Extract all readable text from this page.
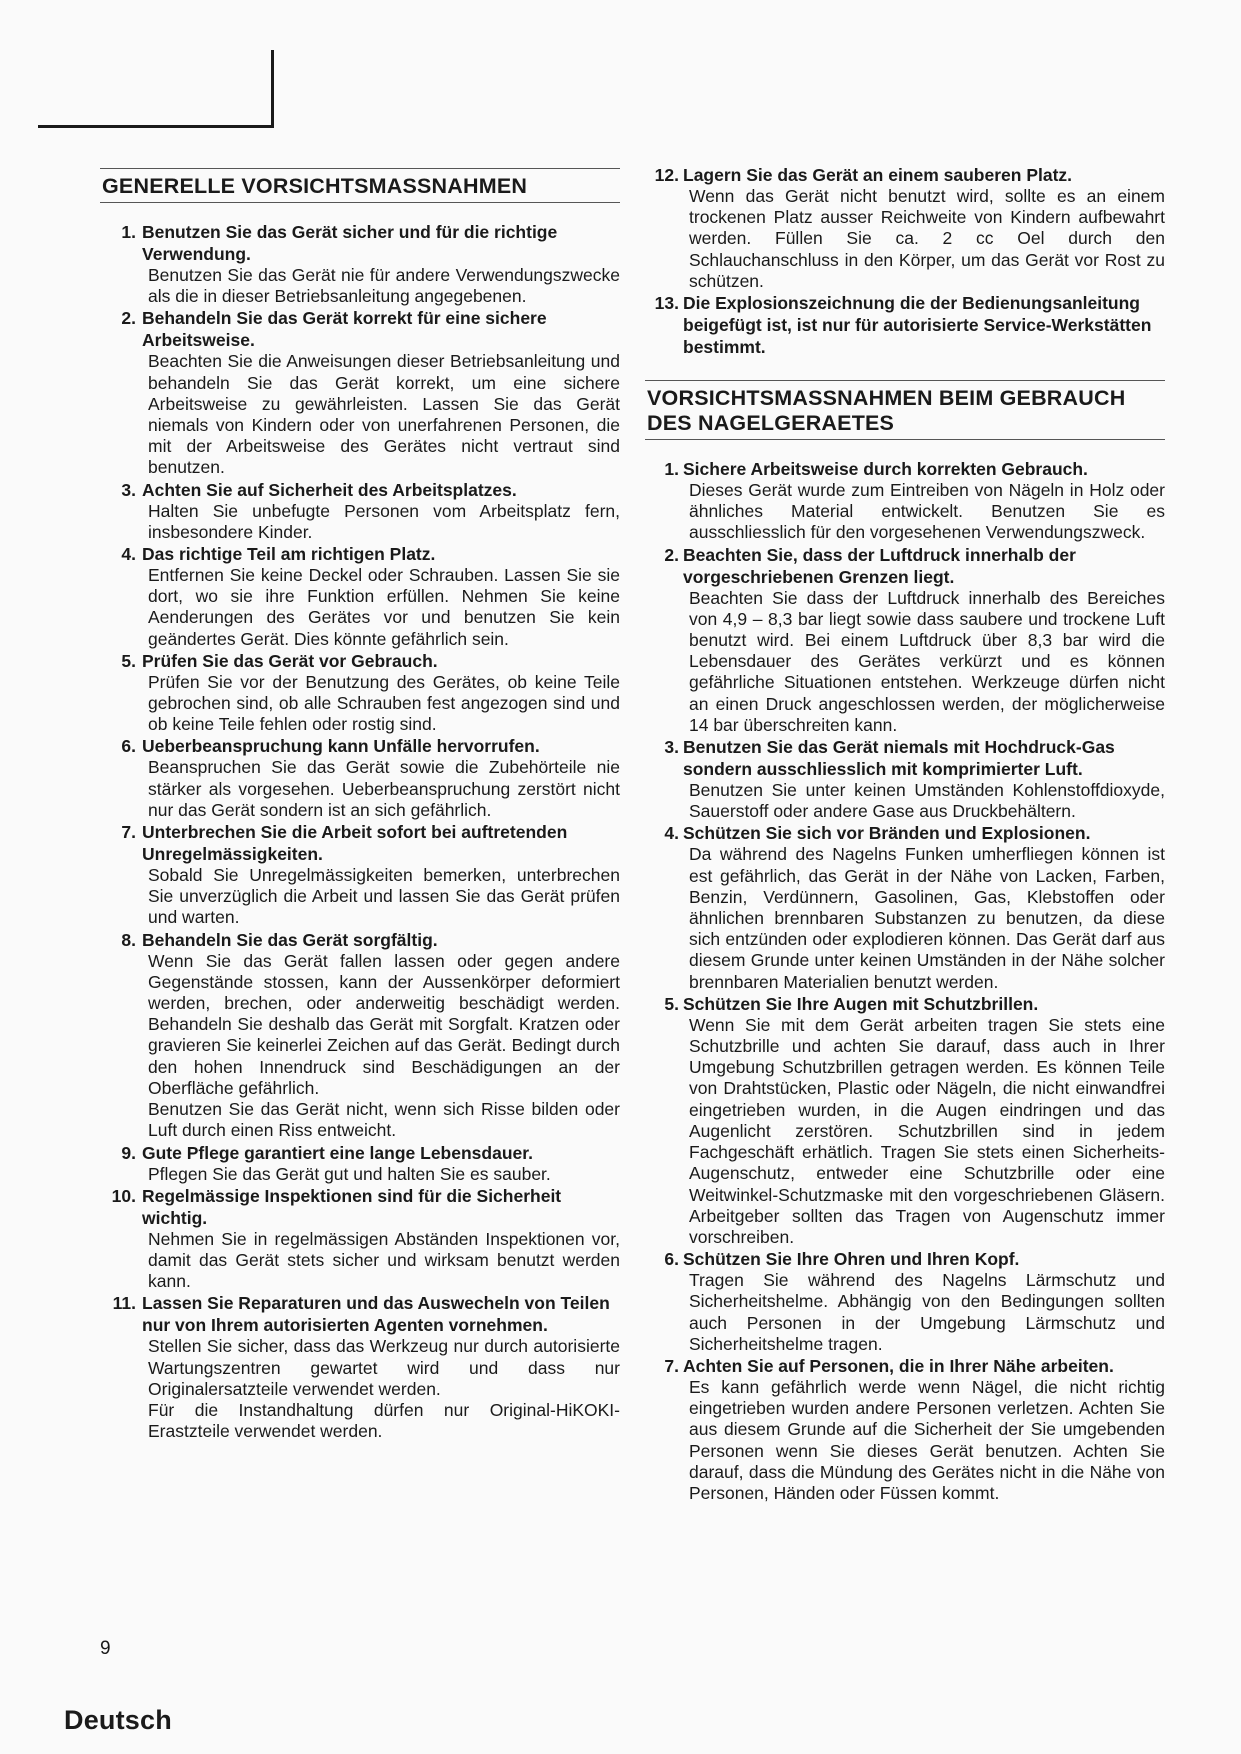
Deutsch
GENERELLE VORSICHTSMASSNAHMEN
1. Benutzen Sie das Gerät sicher und für die richtige Verwendung.
Benutzen Sie das Gerät nie für andere Verwendungszwecke als die in dieser Betriebsanleitung angegebenen.
2. Behandeln Sie das Gerät korrekt für eine sichere Arbeitsweise.
Beachten Sie die Anweisungen dieser Betriebsanleitung und behandeln Sie das Gerät korrekt, um eine sichere Arbeitsweise zu gewährleisten. Lassen Sie das Gerät niemals von Kindern oder von unerfahrenen Personen, die mit der Arbeitsweise des Gerätes nicht vertraut sind benutzen.
3. Achten Sie auf Sicherheit des Arbeitsplatzes.
Halten Sie unbefugte Personen vom Arbeitsplatz fern, insbesondere Kinder.
4. Das richtige Teil am richtigen Platz.
Entfernen Sie keine Deckel oder Schrauben. Lassen Sie sie dort, wo sie ihre Funktion erfüllen. Nehmen Sie keine Aenderungen des Gerätes vor und benutzen Sie kein geändertes Gerät. Dies könnte gefährlich sein.
5. Prüfen Sie das Gerät vor Gebrauch.
Prüfen Sie vor der Benutzung des Gerätes, ob keine Teile gebrochen sind, ob alle Schrauben fest angezogen sind und ob keine Teile fehlen oder rostig sind.
6. Ueberbeanspruchung kann Unfälle hervorrufen.
Beanspruchen Sie das Gerät sowie die Zubehörteile nie stärker als vorgesehen. Ueberbeanspruchung zerstört nicht nur das Gerät sondern ist an sich gefährlich.
7. Unterbrechen Sie die Arbeit sofort bei auftretenden Unregelmässigkeiten.
Sobald Sie Unregelmässigkeiten bemerken, unterbrechen Sie unverzüglich die Arbeit und lassen Sie das Gerät prüfen und warten.
8. Behandeln Sie das Gerät sorgfältig.
Wenn Sie das Gerät fallen lassen oder gegen andere Gegenstände stossen, kann der Aussenkörper deformiert werden, brechen, oder anderweitig beschädigt werden. Behandeln Sie deshalb das Gerät mit Sorgfalt. Kratzen oder gravieren Sie keinerlei Zeichen auf das Gerät. Bedingt durch den hohen Innendruck sind Beschädigungen an der Oberfläche gefährlich.
Benutzen Sie das Gerät nicht, wenn sich Risse bilden oder Luft durch einen Riss entweicht.
9. Gute Pflege garantiert eine lange Lebensdauer.
Pflegen Sie das Gerät gut und halten Sie es sauber.
10. Regelmässige Inspektionen sind für die Sicherheit wichtig.
Nehmen Sie in regelmässigen Abständen Inspektionen vor, damit das Gerät stets sicher und wirksam benutzt werden kann.
11. Lassen Sie Reparaturen und das Auswecheln von Teilen nur von Ihrem autorisierten Agenten vornehmen.
Stellen Sie sicher, dass das Werkzeug nur durch autorisierte Wartungszentren gewartet wird und dass nur Originalersatzteile verwendet werden.
Für die Instandhaltung dürfen nur Original-HiKOKI-Erastzteile verwendet werden.
12. Lagern Sie das Gerät an einem sauberen Platz.
Wenn das Gerät nicht benutzt wird, sollte es an einem trockenen Platz ausser Reichweite von Kindern aufbewahrt werden. Füllen Sie ca. 2 cc Oel durch den Schlauchanschluss in den Körper, um das Gerät vor Rost zu schützen.
13. Die Explosionszeichnung die der Bedienungsanleitung beigefügt ist, ist nur für autorisierte Service-Werkstätten bestimmt.
VORSICHTSMASSNAHMEN BEIM GEBRAUCH DES NAGELGERAETES
1. Sichere Arbeitsweise durch korrekten Gebrauch.
Dieses Gerät wurde zum Eintreiben von Nägeln in Holz oder ähnliches Material entwickelt. Benutzen Sie es ausschliesslich für den vorgesehenen Verwendungszweck.
2. Beachten Sie, dass der Luftdruck innerhalb der vorgeschriebenen Grenzen liegt.
Beachten Sie dass der Luftdruck innerhalb des Bereiches von 4,9 – 8,3 bar liegt sowie dass saubere und trockene Luft benutzt wird. Bei einem Luftdruck über 8,3 bar wird die Lebensdauer des Gerätes verkürzt und es können gefährliche Situationen entstehen. Werkzeuge dürfen nicht an einen Druck angeschlossen werden, der möglicherweise 14 bar überschreiten kann.
3. Benutzen Sie das Gerät niemals mit Hochdruck-Gas sondern ausschliesslich mit komprimierter Luft.
Benutzen Sie unter keinen Umständen Kohlenstoffdioxyde, Sauerstoff oder andere Gase aus Druckbehältern.
4. Schützen Sie sich vor Bränden und Explosionen.
Da während des Nagelns Funken umherfliegen können ist est gefährlich, das Gerät in der Nähe von Lacken, Farben, Benzin, Verdünnern, Gasolinen, Gas, Klebstoffen oder ähnlichen brennbaren Substanzen zu benutzen, da diese sich entzünden oder explodieren können. Das Gerät darf aus diesem Grunde unter keinen Umständen in der Nähe solcher brennbaren Materialien benutzt werden.
5. Schützen Sie Ihre Augen mit Schutzbrillen.
Wenn Sie mit dem Gerät arbeiten tragen Sie stets eine Schutzbrille und achten Sie darauf, dass auch in Ihrer Umgebung Schutzbrillen getragen werden. Es können Teile von Drahtstücken, Plastic oder Nägeln, die nicht einwandfrei eingetrieben wurden, in die Augen eindringen und das Augenlicht zerstören. Schutzbrillen sind in jedem Fachgeschäft erhätlich. Tragen Sie stets einen Sicherheits-Augenschutz, entweder eine Schutzbrille oder eine Weitwinkel-Schutzmaske mit den vorgeschriebenen Gläsern. Arbeitgeber sollten das Tragen von Augenschutz immer vorschreiben.
6. Schützen Sie Ihre Ohren und Ihren Kopf.
Tragen Sie während des Nagelns Lärmschutz und Sicherheitshelme. Abhängig von den Bedingungen sollten auch Personen in der Umgebung Lärmschutz und Sicherheitshelme tragen.
7. Achten Sie auf Personen, die in Ihrer Nähe arbeiten.
Es kann gefährlich werde wenn Nägel, die nicht richtig eingetrieben wurden andere Personen verletzen. Achten Sie aus diesem Grunde auf die Sicherheit der Sie umgebenden Personen wenn Sie dieses Gerät benutzen. Achten Sie darauf, dass die Mündung des Gerätes nicht in die Nähe von Personen, Händen oder Füssen kommt.
9
